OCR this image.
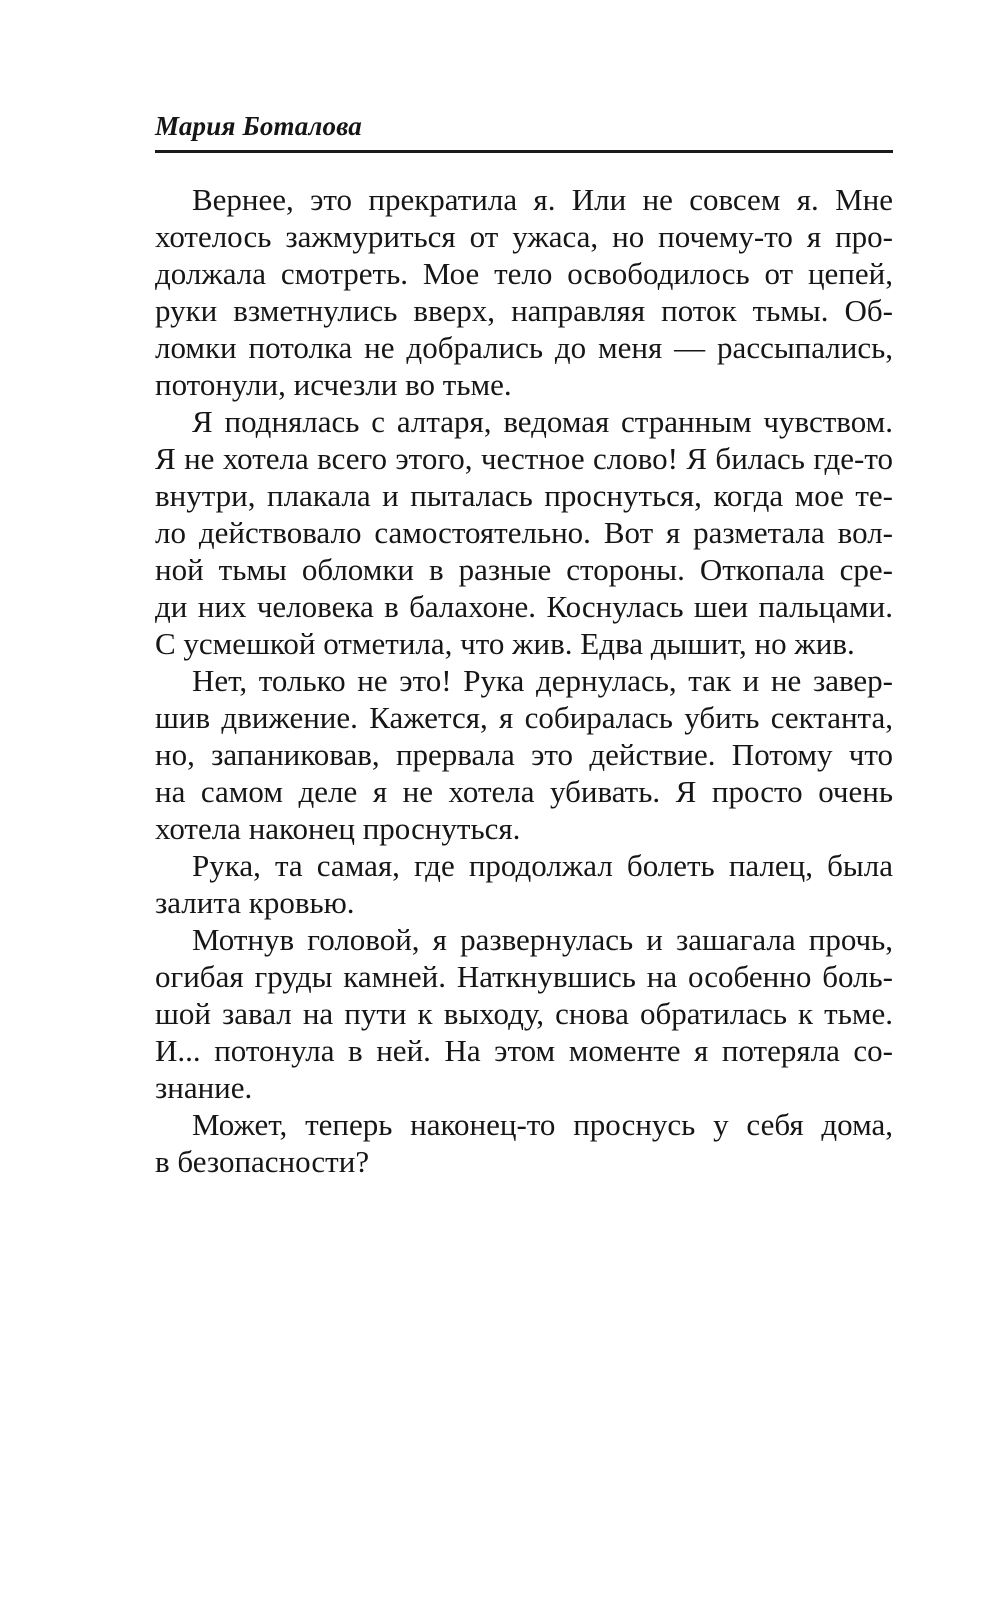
Мария Боталова

Вернее, это прекратила я. Или не совсем я. Мне
хотелось зажмуриться от ужаса, но почему-то я про-
должала смотреть. Мое тело освободилось от цепей,
руки взметнулись вверх, направляя поток тьмы. Об-
ломки потолка не добрались до меня — рассыпались,
потонули, исчезли во тьме.

Я поднялась с алтаря, ведомая странным чувством.
Я не хотела всего этого, честное слово! Я билась где-то
внутри, плакала и пыталась проснуться, когда мое те-
ло действовало самостоятельно. Вот я разметала вол-
ной тьмы обломки в разные стороны. Откопала сре-
ди них человека в балахоне. Коснулась шеи пальцами.
С усмешкой отметила, что жив. Едва дышит, но жив.

Нет, только не это! Рука дернулась, так и не завер-
шив движение. Кажется, я собиралась убить сектанта,
но, запаниковав, прервала это действие. Потому что
на самом деле я не хотела убивать. Я просто очень
хотела наконец проснуться.

Рука, та самая, где продолжал болеть палец, была
залита кровью.

Мотнув головой, я развернулась и зашагала прочь,
огибая груды камней. Наткнувшись на особенно боль-
шой завал на пути к выходу, снова обратилась к тьме.
И... потонула в ней. На этом моменте я потеряла со-
знание.

Может, теперь наконец-то проснусь у себя дома,
в безопасности?
